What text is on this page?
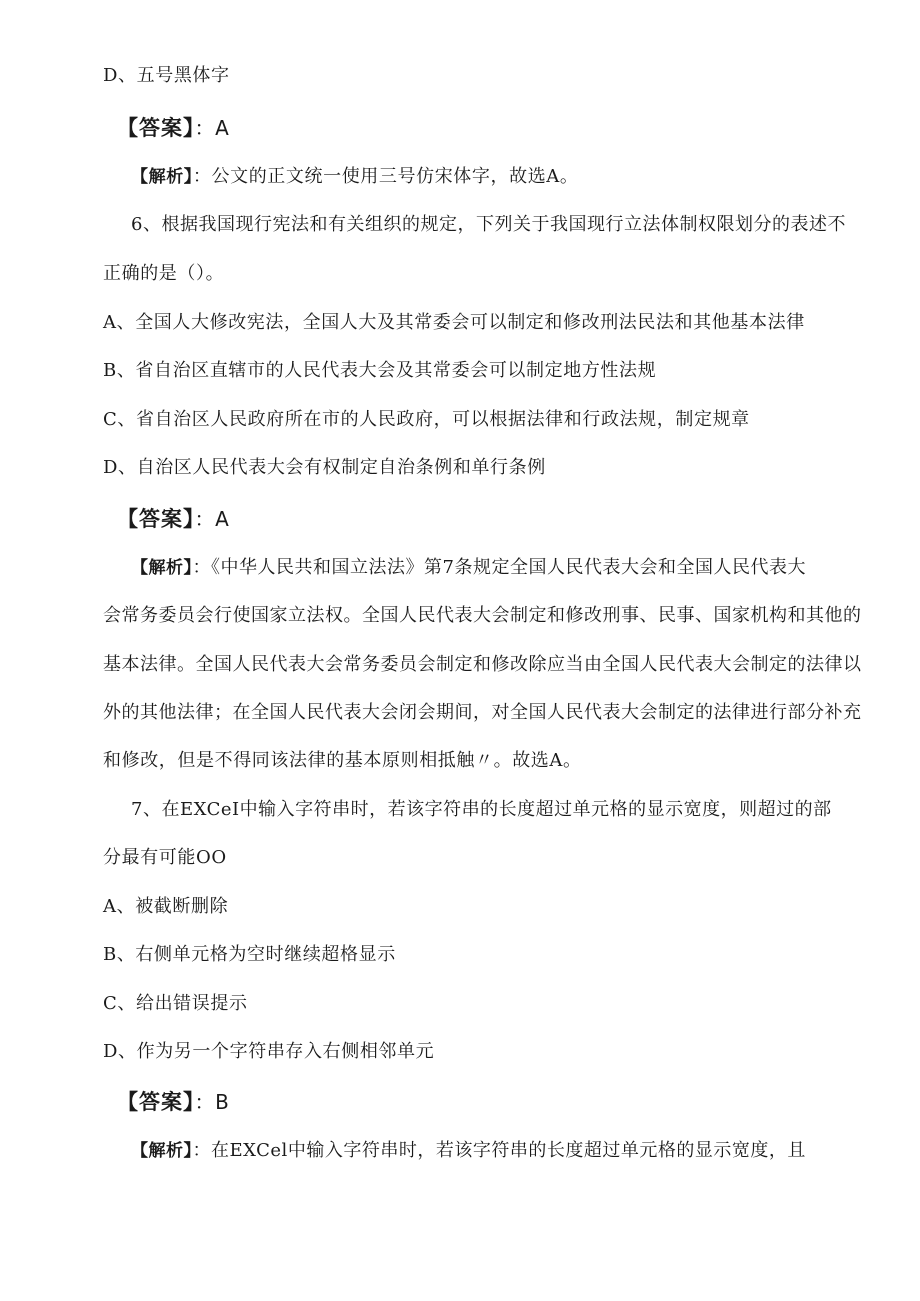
D、五号黑体字
【答案】：A
【解析】：公文的正文统一使用三号仿宋体字，故选A。
6、根据我国现行宪法和有关组织的规定，下列关于我国现行立法体制权限划分的表述不
正确的是（）。
A、全国人大修改宪法，全国人大及其常委会可以制定和修改刑法民法和其他基本法律
B、省自治区直辖市的人民代表大会及其常委会可以制定地方性法规
C、省自治区人民政府所在市的人民政府，可以根据法律和行政法规，制定规章
D、自治区人民代表大会有权制定自治条例和单行条例
【答案】：A
【解析】：《中华人民共和国立法法》第7条规定全国人民代表大会和全国人民代表大
会常务委员会行使国家立法权。全国人民代表大会制定和修改刑事、民事、国家机构和其他的
基本法律。全国人民代表大会常务委员会制定和修改除应当由全国人民代表大会制定的法律以
外的其他法律；在全国人民代表大会闭会期间，对全国人民代表大会制定的法律进行部分补充
和修改，但是不得同该法律的基本原则相抵触〃。故选A。
7、在EXCeI中输入字符串时，若该字符串的长度超过单元格的显示宽度，则超过的部
分最有可能OO
A、被截断删除
B、右侧单元格为空时继续超格显示
C、给出错误提示
D、作为另一个字符串存入右侧相邻单元
【答案】：B
【解析】：在EXCel中输入字符串时，若该字符串的长度超过单元格的显示宽度，且
